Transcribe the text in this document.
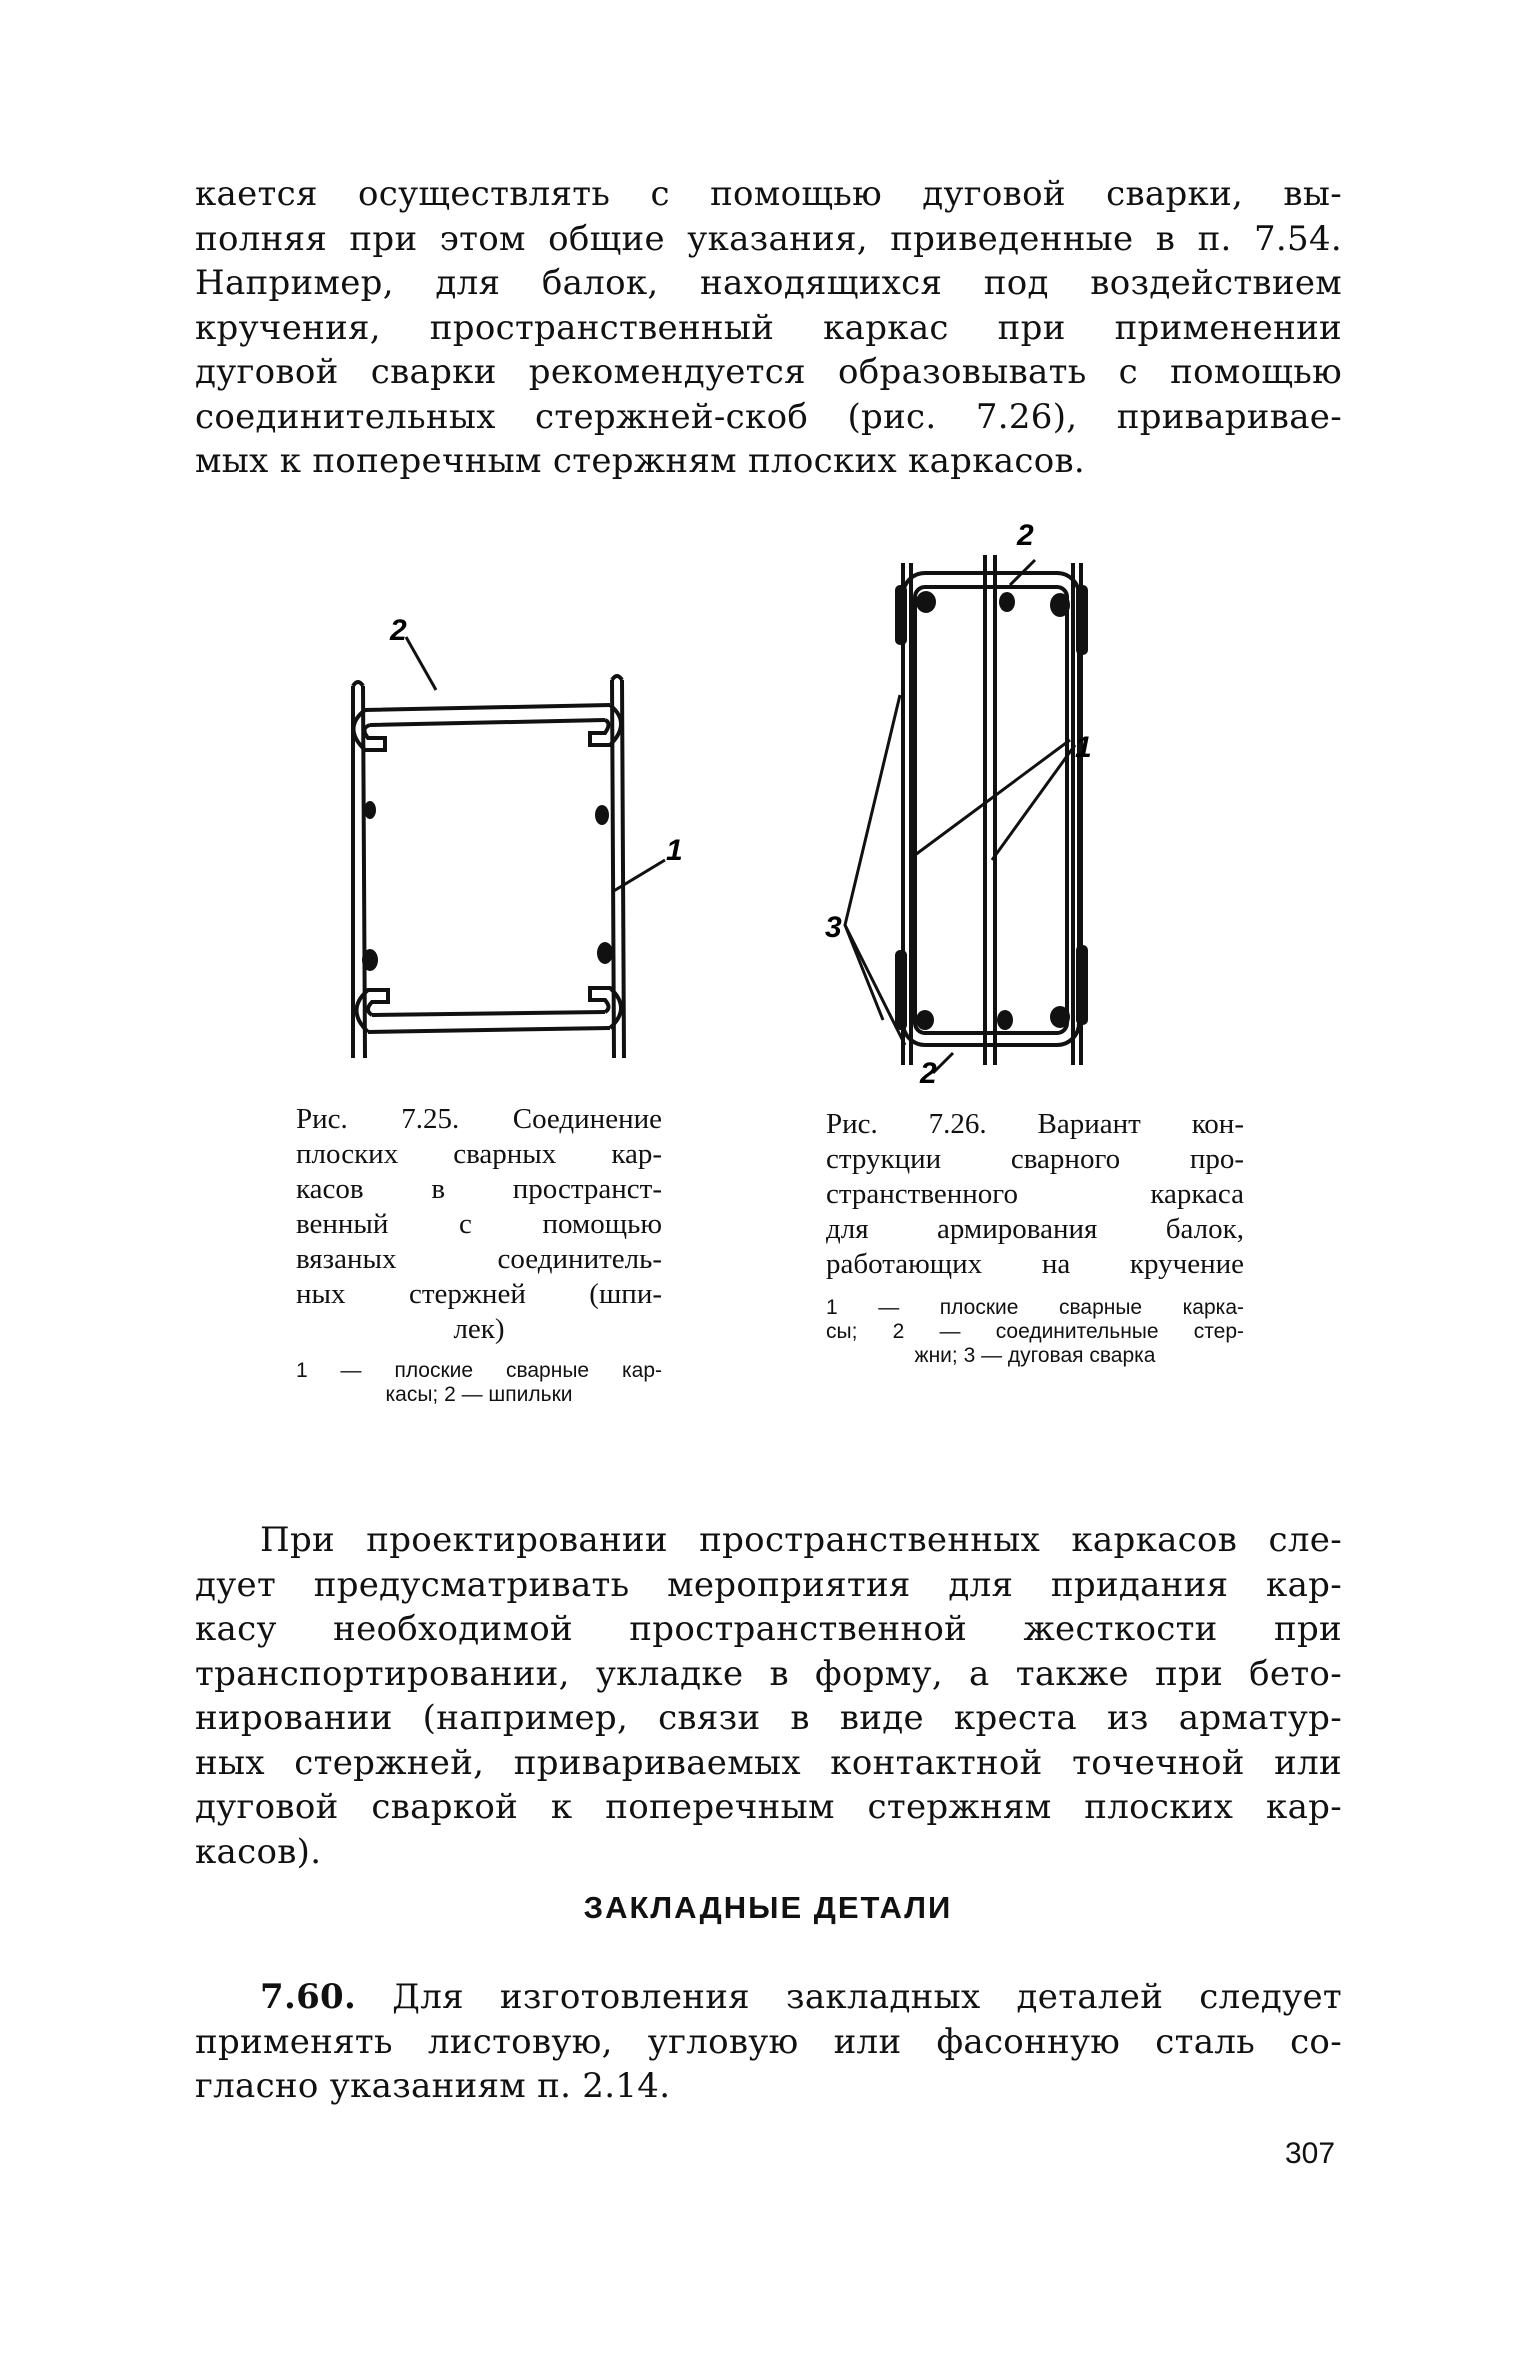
кается осуществлять с помощью дуговой сварки, вы-
полняя при этом общие указания, приведенные в п. 7.54.
Например, для балок, находящихся под воздействием
кручения, пространственный каркас при применении
дуговой сварки рекомендуется образовывать с помощью
соединительных стержней-скоб (рис. 7.26), привариваe-
мых к поперечным стержням плоских каркасов.
2
1
2
2
3
1
Рис. 7.25. Соединение
плоских сварных кар-
касов в пространст-
венный с помощью
вязаных соединитель-
ных стержней (шпи-
лек)
1 — плоские сварные кар-
касы; 2 — шпильки
Рис. 7.26. Вариант кон-
струкции сварного про-
странственного каркаса
для армирования балок,
работающих на кручение
1 — плоские сварные карка-
сы; 2 — соединительные стер-
жни; 3 — дуговая сварка
При проектировании пространственных каркасов сле-
дует предусматривать мероприятия для придания кар-
касу необходимой пространственной жесткости при
транспортировании, укладке в форму, а также при бето-
нировании (например, связи в виде креста из арматур-
ных стержней, привариваемых контактной точечной или
дуговой сваркой к поперечным стержням плоских кар-
касов).
ЗАКЛАДНЫЕ ДЕТАЛИ
7.60. Для изготовления закладных деталей следует
применять листовую, угловую или фасонную сталь со-
гласно указаниям п. 2.14.
307
